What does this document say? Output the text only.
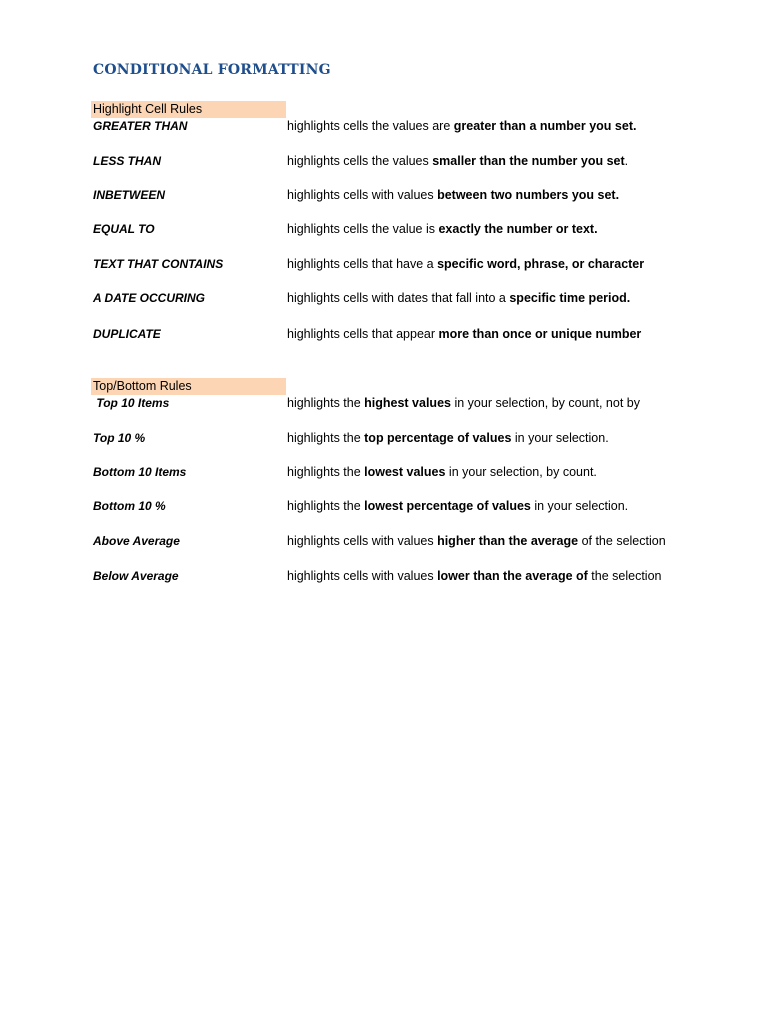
CONDITIONAL FORMATTING
Highlight Cell Rules
GREATER THAN	highlights cells the values are greater than a number you set.
LESS THAN	highlights cells the values smaller than the number you set.
INBETWEEN	highlights cells with values between two numbers you set.
EQUAL TO	highlights cells the value is exactly the number or text.
TEXT THAT CONTAINS	highlights cells that have a specific word, phrase, or character
A DATE OCCURING	highlights cells with dates that fall into a specific time period.
DUPLICATE	highlights cells that appear more than once or unique number
Top/Bottom Rules
Top 10 Items	highlights the highest values in your selection, by count, not by
Top 10 %	highlights the top percentage of values in your selection.
Bottom 10 Items	highlights the lowest values in your selection, by count.
Bottom 10 %	highlights the lowest percentage of values in your selection.
Above Average	highlights cells with values higher than the average of the selection
Below Average	highlights cells with values lower than the average of the selection
